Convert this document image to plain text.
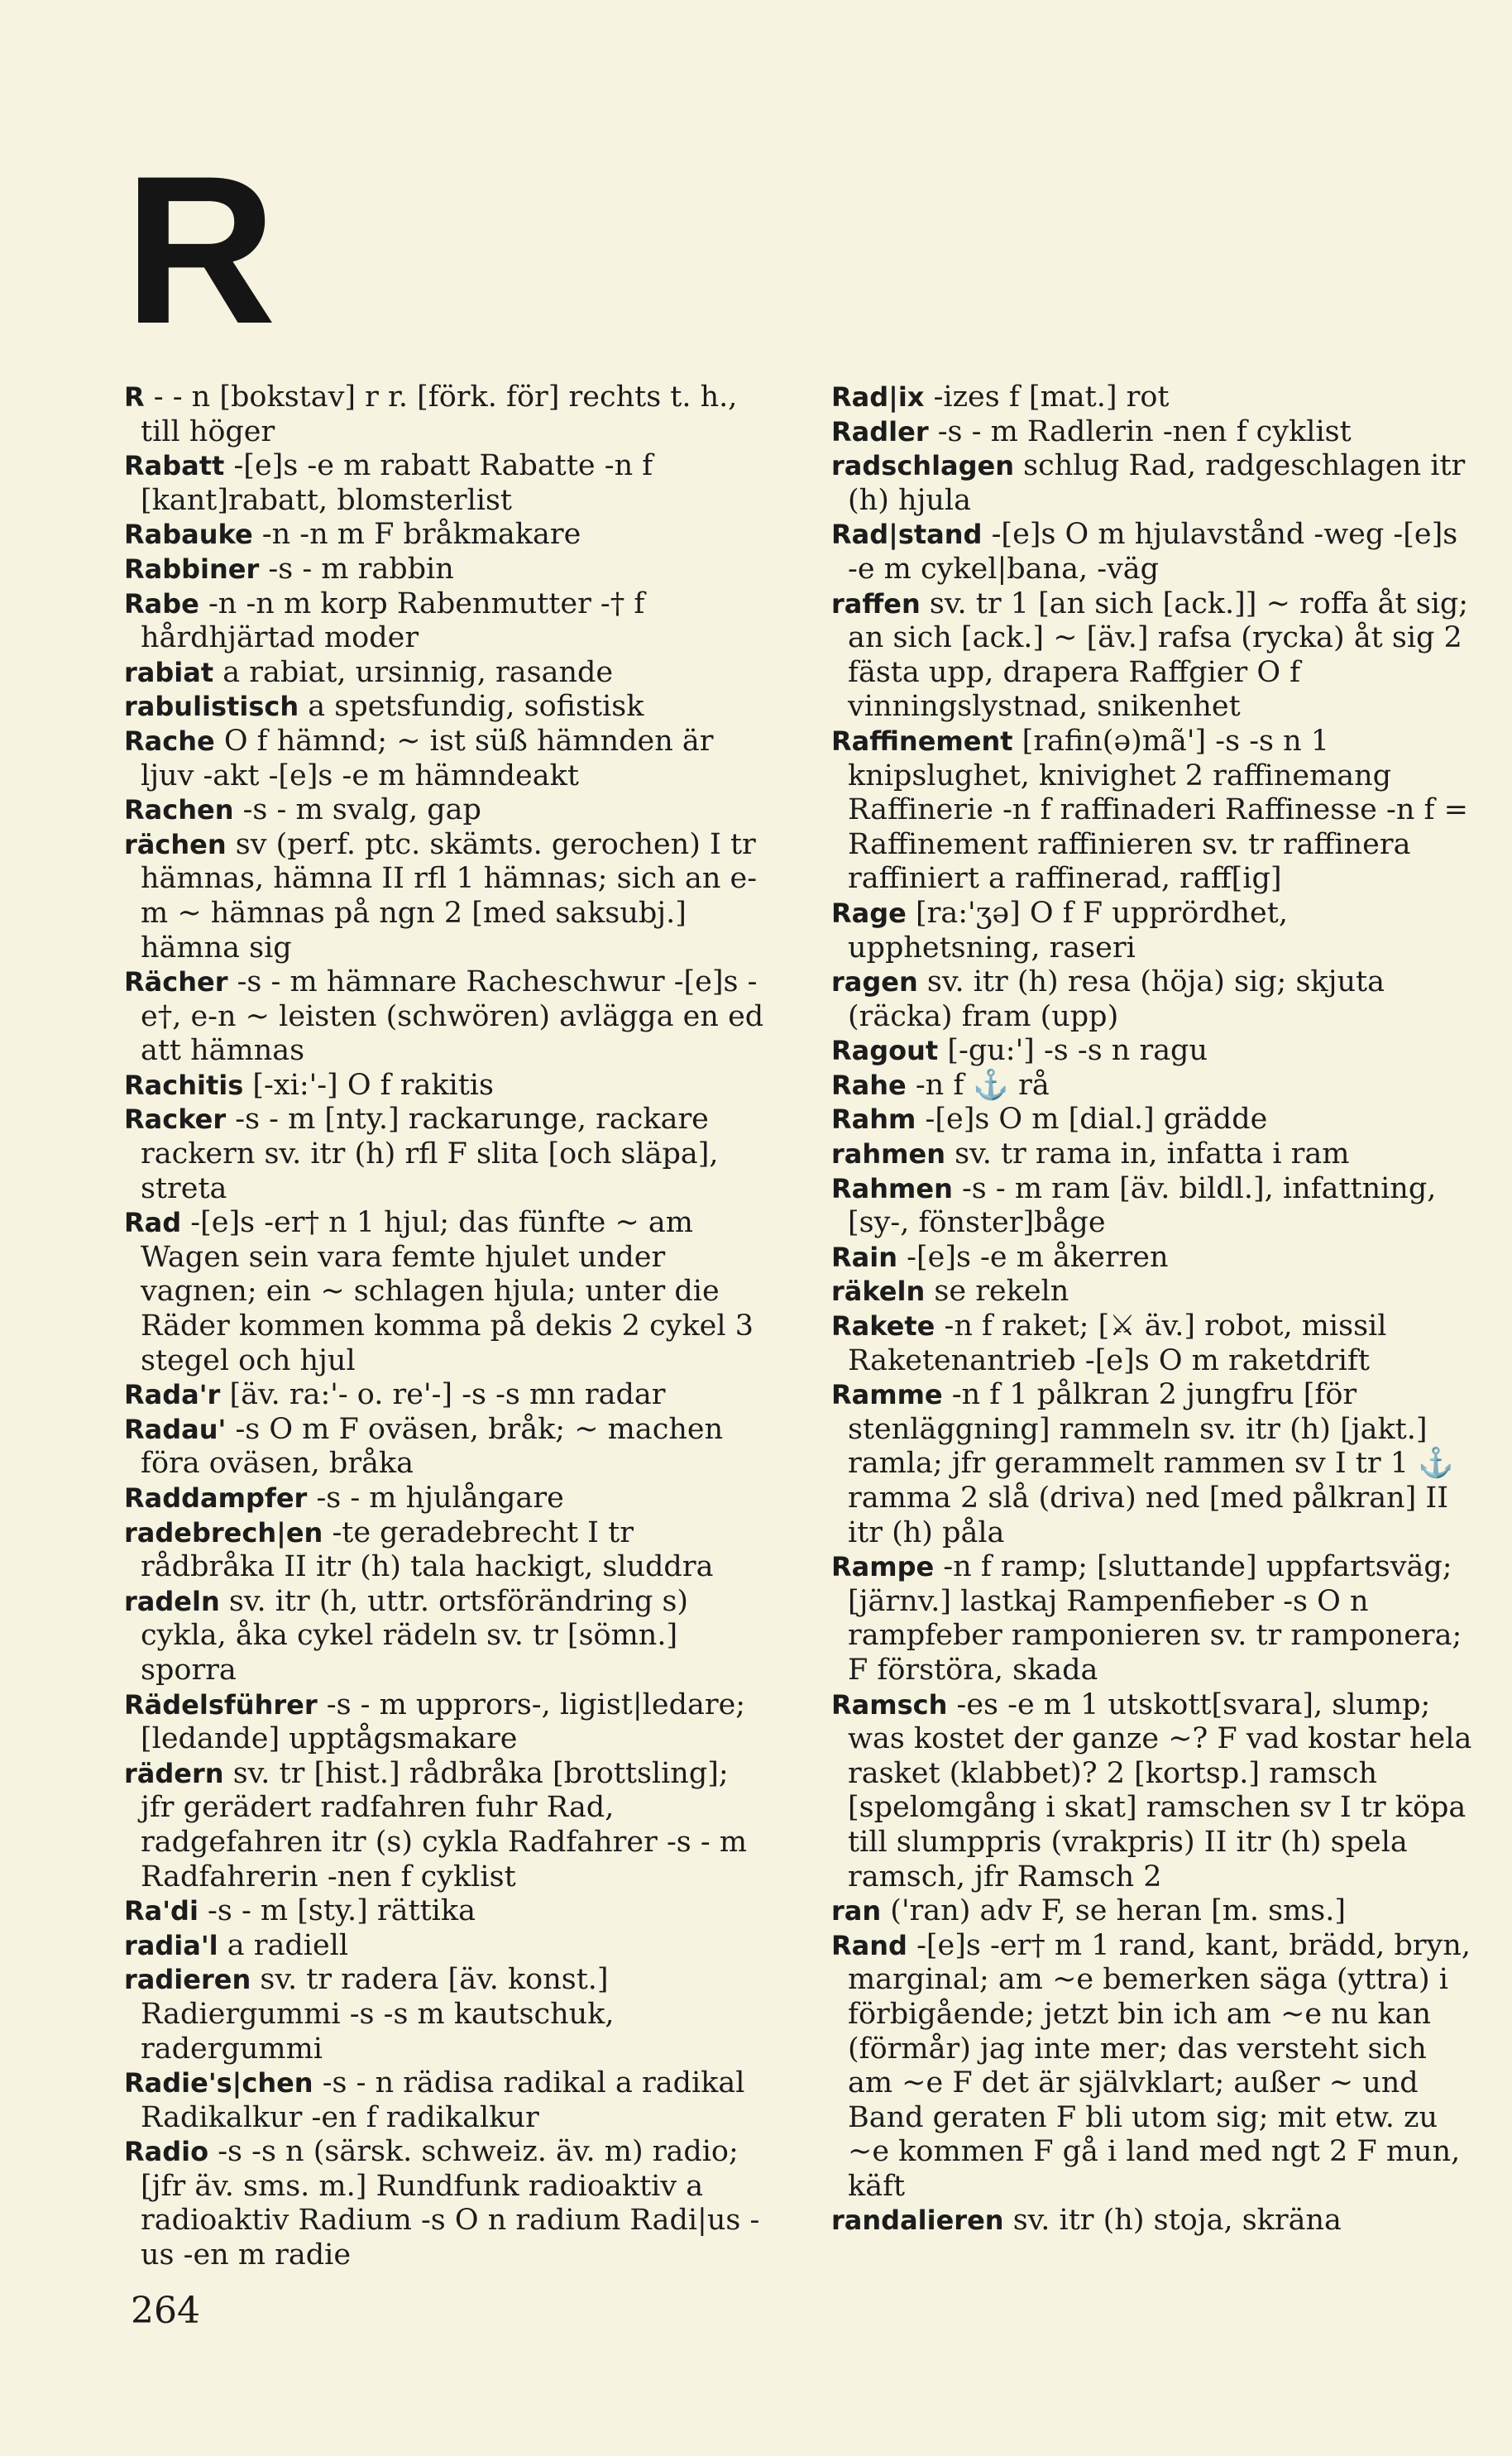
R

R - - n [bokstav] r r. [förk. för] rechts t. h., till höger

Rabatt -[e]s -e m rabatt Rabatte -n f [kant]rabatt, blomsterlist

Rabauke -n -n m F bråkmakare

Rabbiner -s - m rabbin

Rabe -n -n m korp Rabenmutter -† f hårdhjärtad moder

rabiat a rabiat, ursinnig, rasande

rabulistisch a spetsfundig, sofistisk

Rache O f hämnd; ~ ist süß hämnden är ljuv -akt -[e]s -e m hämndeakt

Rachen -s - m svalg, gap

rächen sv (perf. ptc. skämts. gerochen) I tr hämnas, hämna II rfl 1 hämnas; sich an e-m ~ hämnas på ngn 2 [med saksubj.] hämna sig

Rächer -s - m hämnare Racheschwur -[e]s -e†, e-n ~ leisten (schwören) avlägga en ed att hämnas

Rachitis [-xi:'-] O f rakitis

Racker -s - m [nty.] rackarunge, rackare rackern sv. itr (h) rfl F slita [och släpa], streta

Rad -[e]s -er† n 1 hjul; das fünfte ~ am Wagen sein vara femte hjulet under vagnen; ein ~ schlagen hjula; unter die Räder kommen komma på dekis 2 cykel 3 stegel och hjul

Rada'r [äv. ra:'- o. re'-] -s -s mn radar

Radau' -s O m F oväsen, bråk; ~ machen föra oväsen, bråka

Raddampfer -s - m hjulångare

radebrech|en -te geradebrecht I tr rådbråka II itr (h) tala hackigt, sluddra

radeln sv. itr (h, uttr. ortsförändring s) cykla, åka cykel rädeln sv. tr [sömn.] sporra

Rädelsführer -s - m upprors-, ligist|ledare; [ledande] upptågsmakare

rädern sv. tr [hist.] rådbråka [brottsling]; jfr gerädert radfahren fuhr Rad, radgefahren itr (s) cykla Radfahrer -s - m Radfahrerin -nen f cyklist

Ra'di -s - m [sty.] rättika

radia'l a radiell

radieren sv. tr radera [äv. konst.] Radiergummi -s -s m kautschuk, radergummi

Radie's|chen -s - n rädisa radikal a radikal Radikalkur -en f radikalkur

Radio -s -s n (särsk. schweiz. äv. m) radio; [jfr äv. sms. m.] Rundfunk radioaktiv a radioaktiv Radium -s O n radium Radi|us -us -en m radie

Rad|ix -izes f [mat.] rot

Radler -s - m Radlerin -nen f cyklist

radschlagen schlug Rad, radgeschlagen itr (h) hjula

Rad|stand -[e]s O m hjulavstånd -weg -[e]s -e m cykel|bana, -väg

raffen sv. tr 1 [an sich [ack.]] ~ roffa åt sig; an sich [ack.] ~ [äv.] rafsa (rycka) åt sig 2 fästa upp, drapera Raffgier O f vinningslystnad, snikenhet

Raffinement [rafin(ə)mã'] -s -s n 1 knipslughet, knivighet 2 raffinemang Raffinerie -n f raffinaderi Raffinesse -n f = Raffinement raffinieren sv. tr raffinera raffiniert a raffinerad, raff[ig]

Rage [ra:'ʒə] O f F upprördhet, upphetsning, raseri

ragen sv. itr (h) resa (höja) sig; skjuta (räcka) fram (upp)

Ragout [-gu:'] -s -s n ragu

Rahe -n f ⚓ rå

Rahm -[e]s O m [dial.] grädde

rahmen sv. tr rama in, infatta i ram

Rahmen -s - m ram [äv. bildl.], infattning, [sy-, fönster]båge

Rain -[e]s -e m åkerren

räkeln se rekeln

Rakete -n f raket; [⚔ äv.] robot, missil Raketenantrieb -[e]s O m raketdrift

Ramme -n f 1 pålkran 2 jungfru [för stenläggning] rammeln sv. itr (h) [jakt.] ramla; jfr gerammelt rammen sv I tr 1 ⚓ ramma 2 slå (driva) ned [med pålkran] II itr (h) påla

Rampe -n f ramp; [sluttande] uppfartsväg; [järnv.] lastkaj Rampenfieber -s O n rampfeber ramponieren sv. tr ramponera; F förstöra, skada

Ramsch -es -e m 1 utskott[svara], slump; was kostet der ganze ~? F vad kostar hela rasket (klabbet)? 2 [kortsp.] ramsch [spelomgång i skat] ramschen sv I tr köpa till slumppris (vrakpris) II itr (h) spela ramsch, jfr Ramsch 2

ran ('ran) adv F, se heran [m. sms.]

Rand -[e]s -er† m 1 rand, kant, brädd, bryn, marginal; am ~e bemerken säga (yttra) i förbigående; jetzt bin ich am ~e nu kan (förmår) jag inte mer; das versteht sich am ~e F det är självklart; außer ~ und Band geraten F bli utom sig; mit etw. zu ~e kommen F gå i land med ngt 2 F mun, käft

randalieren sv. itr (h) stoja, skräna

264
